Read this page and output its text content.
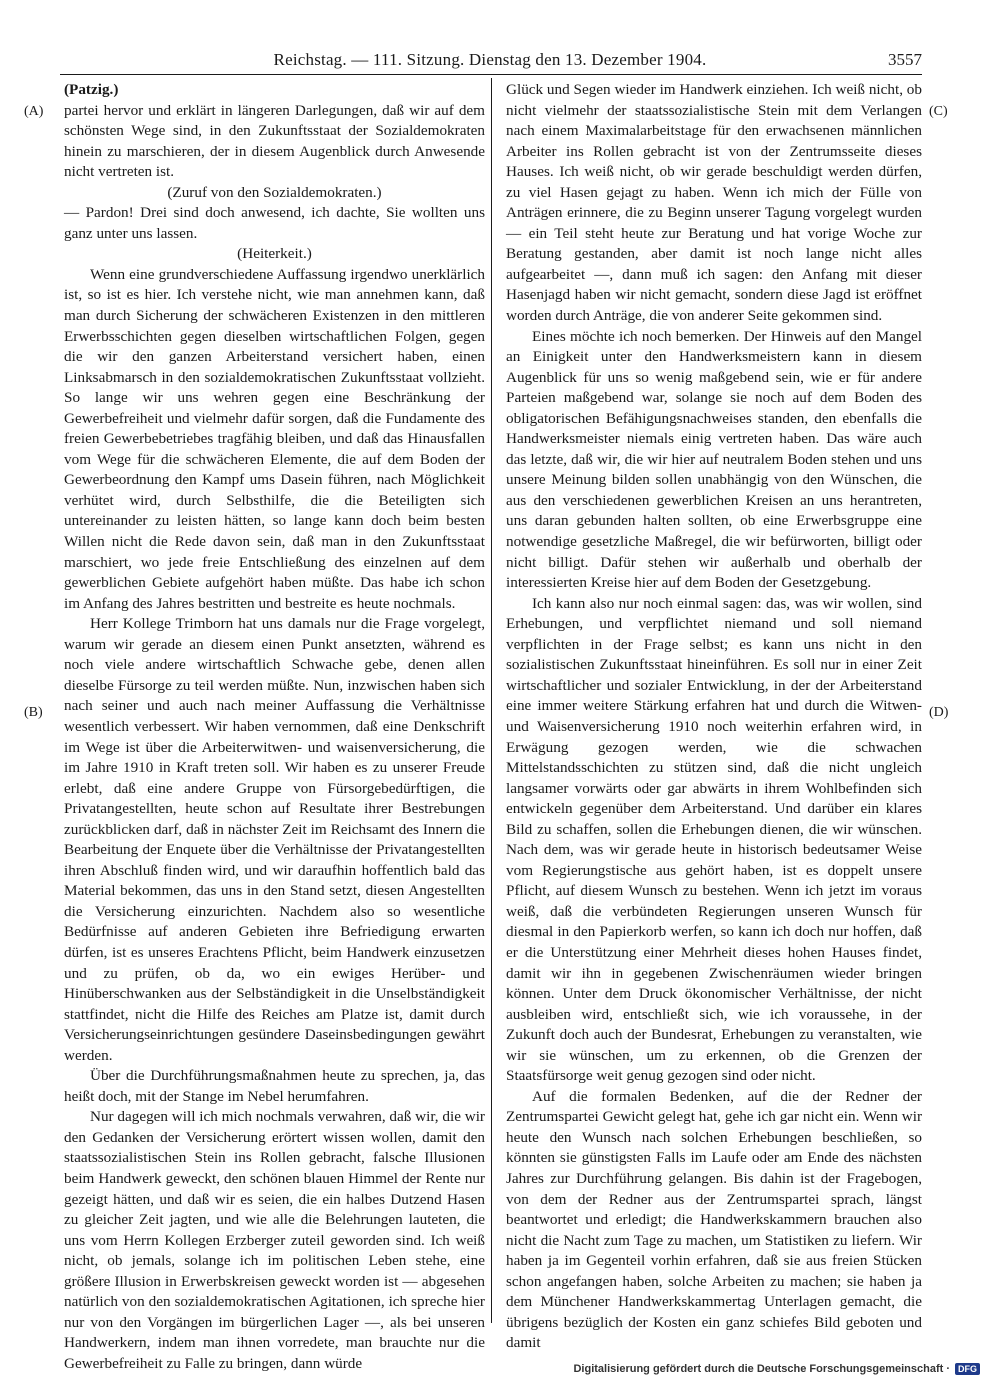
Reichstag. — 111. Sitzung. Dienstag den 13. Dezember 1904.	3557
(A)
(B)
(C)
(D)

(Patzig.)

partei hervor und erklärt in längeren Darlegungen, daß wir auf dem schönsten Wege sind, in den Zukunftsstaat der Sozialdemokraten hinein zu marschieren, der in diesem Augenblick durch Anwesende nicht vertreten ist.

(Zuruf von den Sozialdemokraten.)

— Pardon! Drei sind doch anwesend, ich dachte, Sie wollten uns ganz unter uns lassen.

(Heiterkeit.)

Wenn eine grundverschiedene Auffassung irgendwo unerklärlich ist, so ist es hier. Ich verstehe nicht, wie man annehmen kann, daß man durch Sicherung der schwächeren Existenzen in den mittleren Erwerbsschichten gegen dieselben wirtschaftlichen Folgen, gegen die wir den ganzen Arbeiterstand versichert haben, einen Linksabmarsch in den sozialdemokratischen Zukunftsstaat vollzieht. So lange wir uns wehren gegen eine Beschränkung der Gewerbefreiheit und vielmehr dafür sorgen, daß die Fundamente des freien Gewerbebetriebes tragfähig bleiben, und daß das Hinausfallen vom Wege für die schwächeren Elemente, die auf dem Boden der Gewerbeordnung den Kampf ums Dasein führen, nach Möglichkeit verhütet wird, durch Selbsthilfe, die die Beteiligten sich untereinander zu leisten hätten, so lange kann doch beim besten Willen nicht die Rede davon sein, daß man in den Zukunftsstaat marschiert, wo jede freie Entschließung des einzelnen auf dem gewerblichen Gebiete aufgehört haben müßte. Das habe ich schon im Anfang des Jahres bestritten und bestreite es heute nochmals.

Herr Kollege Trimborn hat uns damals nur die Frage vorgelegt, warum wir gerade an diesem einen Punkt ansetzten, während es noch viele andere wirtschaftlich Schwache gebe, denen allen dieselbe Fürsorge zu teil werden müßte. Nun, inzwischen haben sich nach seiner und auch nach meiner Auffassung die Verhältnisse wesentlich verbessert. Wir haben vernommen, daß eine Denkschrift im Wege ist über die Arbeiterwitwen- und waisenversicherung, die im Jahre 1910 in Kraft treten soll. Wir haben es zu unserer Freude erlebt, daß eine andere Gruppe von Fürsorgebedürftigen, die Privatangestellten, heute schon auf Resultate ihrer Bestrebungen zurückblicken darf, daß in nächster Zeit im Reichsamt des Innern die Bearbeitung der Enquete über die Verhältnisse der Privatangestellten ihren Abschluß finden wird, und wir daraufhin hoffentlich bald das Material bekommen, das uns in den Stand setzt, diesen Angestellten die Versicherung einzurichten. Nachdem also so wesentliche Bedürfnisse auf anderen Gebieten ihre Befriedigung erwarten dürfen, ist es unseres Erachtens Pflicht, beim Handwerk einzusetzen und zu prüfen, ob da, wo ein ewiges Herüber- und Hinüberschwanken aus der Selbständigkeit in die Unselbständigkeit stattfindet, nicht die Hilfe des Reiches am Platze ist, damit durch Versicherungseinrichtungen gesündere Daseinsbedingungen gewährt werden.

Über die Durchführungsmaßnahmen heute zu sprechen, ja, das heißt doch, mit der Stange im Nebel herumfahren.

Nur dagegen will ich mich nochmals verwahren, daß wir, die wir den Gedanken der Versicherung erörtert wissen wollen, damit den staatssozialistischen Stein ins Rollen gebracht, falsche Illusionen beim Handwerk geweckt, den schönen blauen Himmel der Rente nur gezeigt hätten, und daß wir es seien, die ein halbes Dutzend Hasen zu gleicher Zeit jagten, und wie alle die Belehrungen lauteten, die uns vom Herrn Kollegen Erzberger zuteil geworden sind. Ich weiß nicht, ob jemals, solange ich im politischen Leben stehe, eine größere Illusion in Erwerbskreisen geweckt worden ist — abgesehen natürlich von den sozialdemokratischen Agitationen, ich spreche hier nur von den Vorgängen im bürgerlichen Lager —, als bei unseren Handwerkern, indem man ihnen vorredete, man brauchte nur die Gewerbefreiheit zu Falle zu bringen, dann würde

Glück und Segen wieder im Handwerk einziehen. Ich weiß nicht, ob nicht vielmehr der staatssozialistische Stein mit dem Verlangen nach einem Maximalarbeitstage für den erwachsenen männlichen Arbeiter ins Rollen gebracht ist von der Zentrumsseite dieses Hauses. Ich weiß nicht, ob wir gerade beschuldigt werden dürfen, zu viel Hasen gejagt zu haben. Wenn ich mich der Fülle von Anträgen erinnere, die zu Beginn unserer Tagung vorgelegt wurden — ein Teil steht heute zur Beratung und hat vorige Woche zur Beratung gestanden, aber damit ist noch lange nicht alles aufgearbeitet —, dann muß ich sagen: den Anfang mit dieser Hasenjagd haben wir nicht gemacht, sondern diese Jagd ist eröffnet worden durch Anträge, die von anderer Seite gekommen sind.

Eines möchte ich noch bemerken. Der Hinweis auf den Mangel an Einigkeit unter den Handwerksmeistern kann in diesem Augenblick für uns so wenig maßgebend sein, wie er für andere Parteien maßgebend war, solange sie noch auf dem Boden des obligatorischen Befähigungsnachweises standen, den ebenfalls die Handwerksmeister niemals einig vertreten haben. Das wäre auch das letzte, daß wir, die wir hier auf neutralem Boden stehen und uns unsere Meinung bilden sollen unabhängig von den Wünschen, die aus den verschiedenen gewerblichen Kreisen an uns herantreten, uns daran gebunden halten sollten, ob eine Erwerbsgruppe eine notwendige gesetzliche Maßregel, die wir befürworten, billigt oder nicht billigt. Dafür stehen wir außerhalb und oberhalb der interessierten Kreise hier auf dem Boden der Gesetzgebung.

Ich kann also nur noch einmal sagen: das, was wir wollen, sind Erhebungen, und verpflichtet niemand und soll niemand verpflichten in der Frage selbst; es kann uns nicht in den sozialistischen Zukunftsstaat hineinführen. Es soll nur in einer Zeit wirtschaftlicher und sozialer Entwicklung, in der der Arbeiterstand eine immer weitere Stärkung erfahren hat und durch die Witwen- und Waisenversicherung 1910 noch weiterhin erfahren wird, in Erwägung gezogen werden, wie die schwachen Mittelstandsschichten zu stützen sind, daß die nicht ungleich langsamer vorwärts oder gar abwärts in ihrem Wohlbefinden sich entwickeln gegenüber dem Arbeiterstand. Und darüber ein klares Bild zu schaffen, sollen die Erhebungen dienen, die wir wünschen. Nach dem, was wir gerade heute in historisch bedeutsamer Weise vom Regierungstische aus gehört haben, ist es doppelt unsere Pflicht, auf diesem Wunsch zu bestehen. Wenn ich jetzt im voraus weiß, daß die verbündeten Regierungen unseren Wunsch für diesmal in den Papierkorb werfen, so kann ich doch nur hoffen, daß er die Unterstützung einer Mehrheit dieses hohen Hauses findet, damit wir ihn in gegebenen Zwischenräumen wieder bringen können. Unter dem Druck ökonomischer Verhältnisse, der nicht ausbleiben wird, entschließt sich, wie ich voraussehe, in der Zukunft doch auch der Bundesrat, Erhebungen zu veranstalten, wie wir sie wünschen, um zu erkennen, ob die Grenzen der Staatsfürsorge weit genug gezogen sind oder nicht.

Auf die formalen Bedenken, auf die der Redner der Zentrumspartei Gewicht gelegt hat, gehe ich gar nicht ein. Wenn wir heute den Wunsch nach solchen Erhebungen beschließen, so könnten sie günstigsten Falls im Laufe oder am Ende des nächsten Jahres zur Durchführung gelangen. Bis dahin ist der Fragebogen, von dem der Redner aus der Zentrumspartei sprach, längst beantwortet und erledigt; die Handwerkskammern brauchen also nicht die Nacht zum Tage zu machen, um Statistiken zu liefern. Wir haben ja im Gegenteil vorhin erfahren, daß sie aus freien Stücken schon angefangen haben, solche Arbeiten zu machen; sie haben ja dem Münchener Handwerkskammertag Unterlagen gemacht, die übrigens bezüglich der Kosten ein ganz schiefes Bild geboten und damit

Digitalisierung gefördert durch die Deutsche Forschungsgemeinschaft · DFG
